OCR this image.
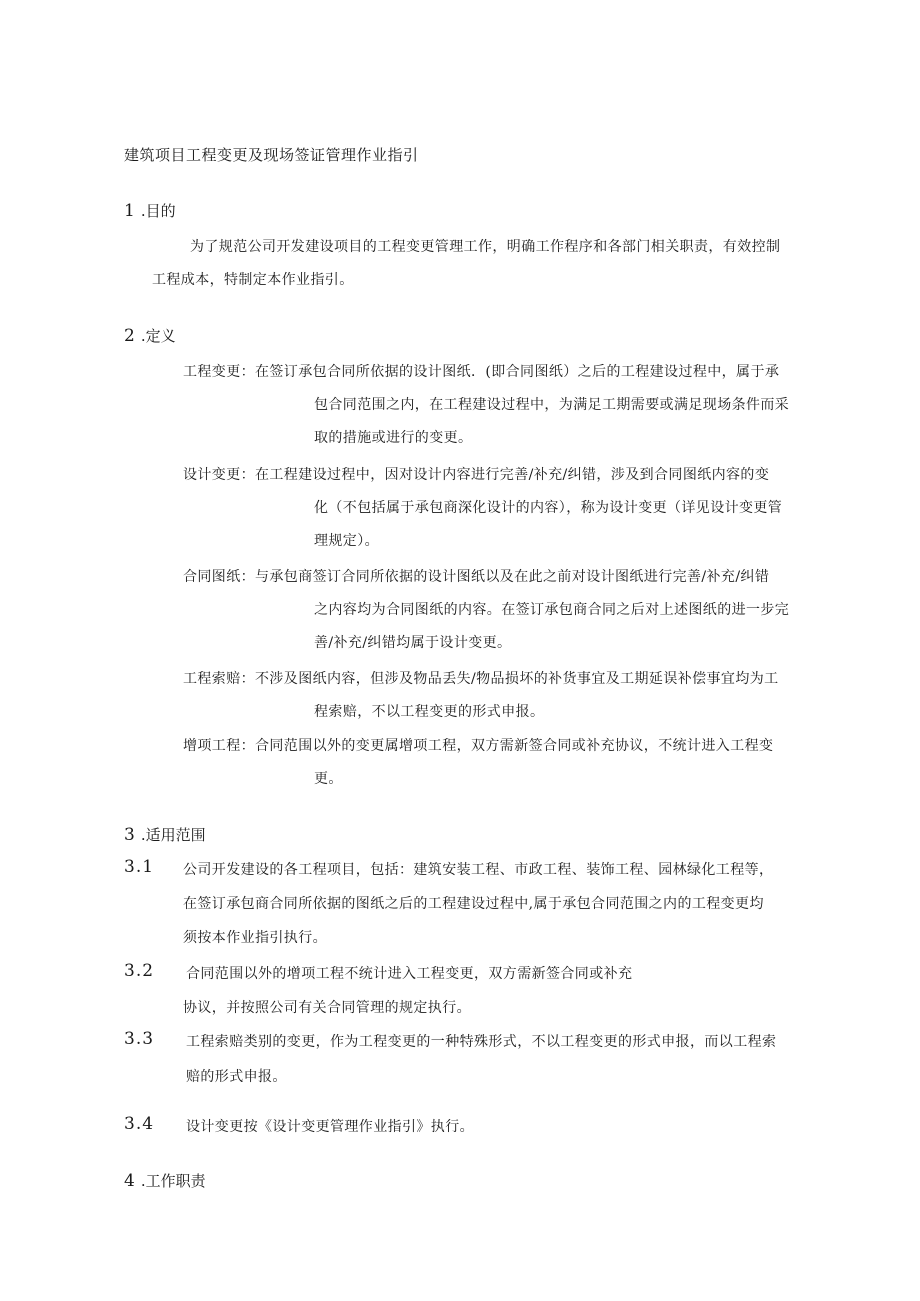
建筑项目工程变更及现场签证管理作业指引
1.目的
为了规范公司开发建设项目的工程变更管理工作，明确工作程序和各部门相关职责，有效控制
工程成本，特制定本作业指引。
2.定义
工程变更：在签订承包合同所依据的设计图纸．(即合同图纸）之后的工程建设过程中，属于承
包合同范围之内，在工程建设过程中，为满足工期需要或满足现场条件而采
取的措施或进行的变更。
设计变更：在工程建设过程中，因对设计内容进行完善/补充/纠错，涉及到合同图纸内容的变
化（不包括属于承包商深化设计的内容），称为设计变更（详见设计变更管
理规定）。
合同图纸：与承包商签订合同所依据的设计图纸以及在此之前对设计图纸进行完善/补充/纠错
之内容均为合同图纸的内容。在签订承包商合同之后对上述图纸的进一步完
善/补充/纠错均属于设计变更。
工程索赔：不涉及图纸内容，但涉及物品丢失/物品损坏的补货事宜及工期延误补偿事宜均为工
程索赔，不以工程变更的形式申报。
增项工程：合同范围以外的变更属增项工程，双方需新签合同或补充协议，不统计进入工程变
更。
3.适用范围
3.1 公司开发建设的各工程项目，包括：建筑安装工程、市政工程、装饰工程、园林绿化工程等，
在签订承包商合同所依据的图纸之后的工程建设过程中,属于承包合同范围之内的工程变更均
须按本作业指引执行。
3.2 合同范围以外的增项工程不统计进入工程变更，双方需新签合同或补充
协议，并按照公司有关合同管理的规定执行。
3.3 工程索赔类别的变更，作为工程变更的一种特殊形式，不以工程变更的形式申报，而以工程索
赔的形式申报。
3.4 设计变更按《设计变更管理作业指引》执行。
4.工作职责
